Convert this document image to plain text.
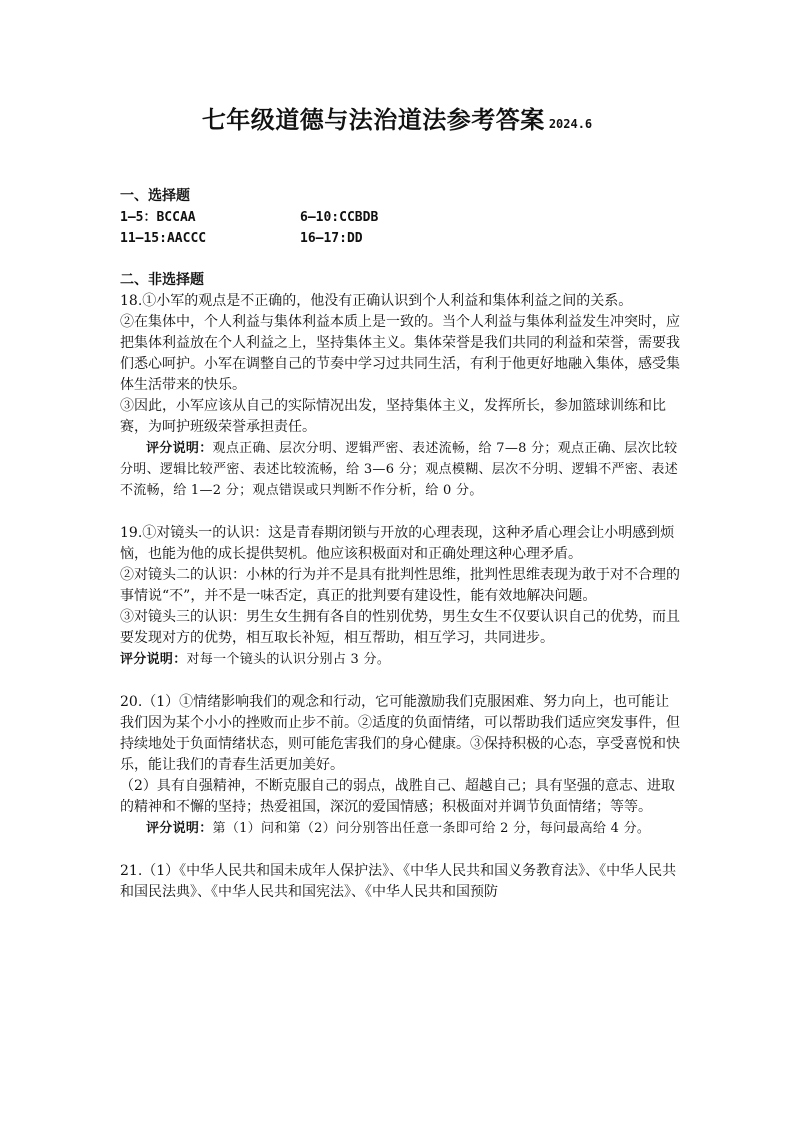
七年级道德与法治道法参考答案 2024.6
一、选择题
1—5：BCCAA	6—10:CCBDB
11—15:AACCC	16—17:DD
二、非选择题

18.①小军的观点是不正确的，他没有正确认识到个人利益和集体利益之间的关系。

②在集体中，个人利益与集体利益本质上是一致的。当个人利益与集体利益发生冲突时，应把集体利益放在个人利益之上，坚持集体主义。集体荣誉是我们共同的利益和荣誉，需要我们悉心呵护。小军在调整自己的节奏中学习过共同生活，有利于他更好地融入集体，感受集体生活带来的快乐。

③因此，小军应该从自己的实际情况出发，坚持集体主义，发挥所长，参加篮球训练和比赛，为呵护班级荣誉承担责任。

评分说明：观点正确、层次分明、逻辑严密、表述流畅，给 7—8 分；观点正确、层次比较分明、逻辑比较严密、表述比较流畅，给 3—6 分；观点模糊、层次不分明、逻辑不严密、表述不流畅，给 1—2 分；观点错误或只判断不作分析，给 0 分。

19.①对镜头一的认识：这是青春期闭锁与开放的心理表现，这种矛盾心理会让小明感到烦恼，也能为他的成长提供契机。他应该积极面对和正确处理这种心理矛盾。

②对镜头二的认识：小林的行为并不是具有批判性思维，批判性思维表现为敢于对不合理的事情说“不”，并不是一味否定，真正的批判要有建设性，能有效地解决问题。

③对镜头三的认识：男生女生拥有各自的性别优势，男生女生不仅要认识自己的优势，而且要发现对方的优势，相互取长补短，相互帮助，相互学习，共同进步。

评分说明：对每一个镜头的认识分别占 3 分。

20.（1）①情绪影响我们的观念和行动，它可能激励我们克服困难、努力向上，也可能让我们因为某个小小的挫败而止步不前。②适度的负面情绪，可以帮助我们适应突发事件，但持续地处于负面情绪状态，则可能危害我们的身心健康。③保持积极的心态，享受喜悦和快乐，能让我们的青春生活更加美好。

（2）具有自强精神，不断克服自己的弱点，战胜自己、超越自己；具有坚强的意志、进取的精神和不懈的坚持；热爱祖国，深沉的爱国情感；积极面对并调节负面情绪；等等。

评分说明：第（1）问和第（2）问分别答出任意一条即可给 2 分，每问最高给 4 分。

21.（1）《中华人民共和国未成年人保护法》、《中华人民共和国义务教育法》、《中华人民共和国民法典》、《中华人民共和国宪法》、《中华人民共和国预防
